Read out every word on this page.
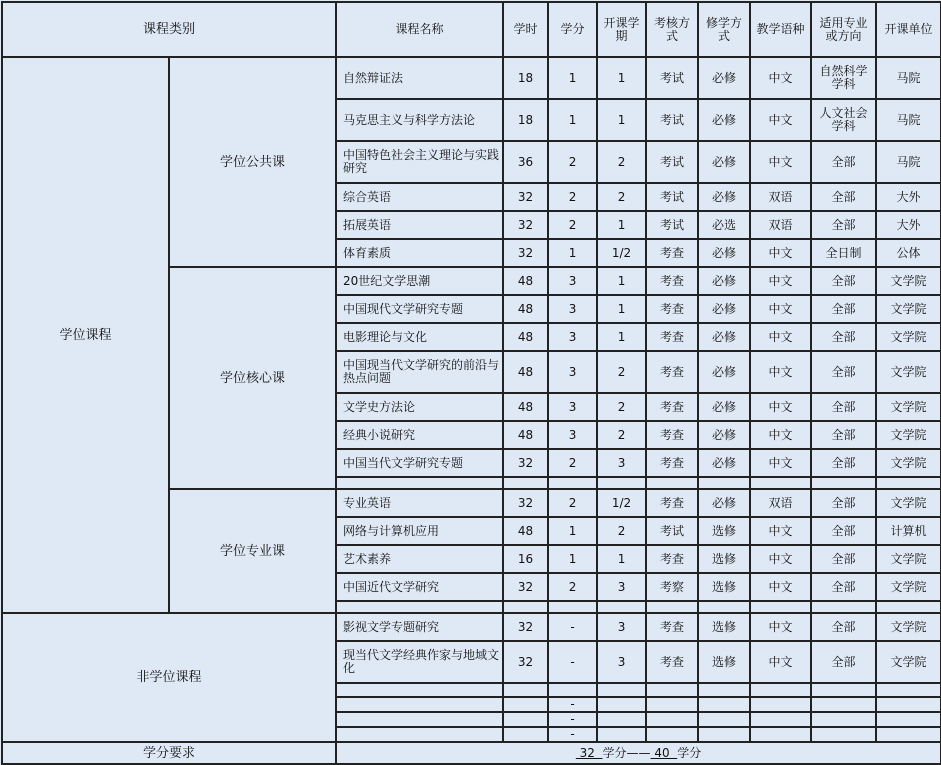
课程类别		课程名称	学时	学分	开课学期	考核方式	修学方式	教学语种	适用专业或方向	开课单位
学位课程	学位公共课	自然辩证法	18	1	1	考试	必修	中文	自然科学学科	马院
		马克思主义与科学方法论	18	1	1	考试	必修	中文	人文社会学科	马院
		中国特色社会主义理论与实践研究	36	2	2	考试	必修	中文	全部	马院
		综合英语	32	2	2	考试	必修	双语	全部	大外
		拓展英语	32	2	1	考试	必选	双语	全部	大外
		体育素质	32	1	1/2	考查	必修	中文	全日制	公体
	学位核心课	20世纪文学思潮	48	3	1	考查	必修	中文	全部	文学院
		中国现代文学研究专题	48	3	1	考查	必修	中文	全部	文学院
		电影理论与文化	48	3	1	考查	必修	中文	全部	文学院
		中国现当代文学研究的前沿与热点问题	48	3	2	考查	必修	中文	全部	文学院
		文学史方法论	48	3	2	考查	必修	中文	全部	文学院
		经典小说研究	48	3	2	考查	必修	中文	全部	文学院
		中国当代文学研究专题	32	2	3	考查	必修	中文	全部	文学院

	学位专业课	专业英语	32	2	1/2	考查	必修	双语	全部	文学院
		网络与计算机应用	48	1	2	考试	选修	中文	全部	计算机
		艺术素养	16	1	1	考查	选修	中文	全部	文学院
		中国近代文学研究	32	2	3	考察	选修	中文	全部	文学院

非学位课程		影视文学专题研究	32	-	3	考查	选修	中文	全部	文学院
		现当代文学经典作家与地域文化	32	-	3	考查	选修	中文	全部	文学院

				-						
				-						
				-						
学分要求		32  学分—— 40  学分								
